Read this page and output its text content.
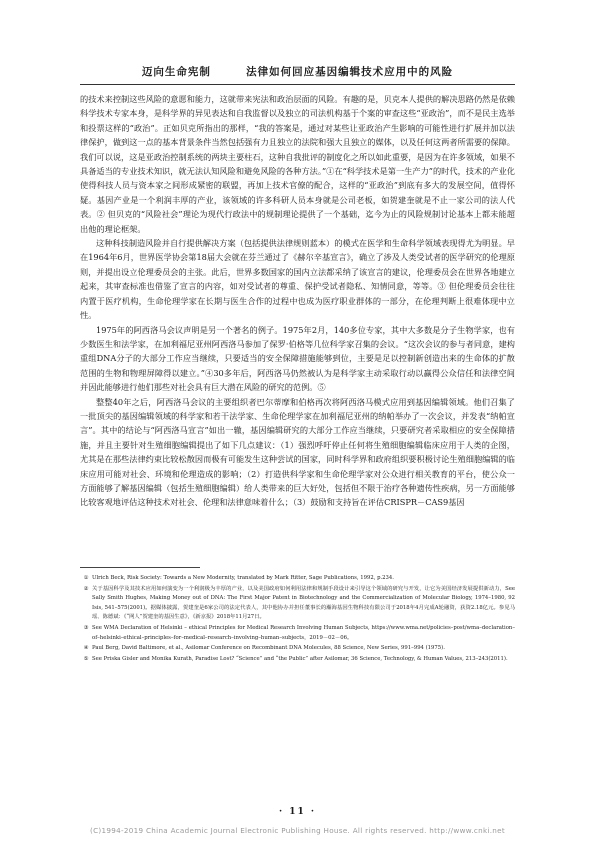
迈向生命宪制	法律如何回应基因编辑技术应用中的风险

的技术来控制这些风险的意愿和能力，这就带来宪法和政治层面的风险。有趣的是，贝克本人提供的解决思路仍然是依赖科学技术专家本身，是科学界的异见表达和自我监督以及独立的司法机构基于个案的审查这些“亚政治”，而不是民主选举和投票这样的“政治”。正如贝克所指出的那样，“我的答案是，通过对某些让亚政治产生影响的可能性进行扩展并加以法律保护，做到这一点的基本背景条件当然包括强有力且独立的法院和强大且独立的媒体，以及任何这两者所需要的保障。我们可以说，这是亚政治控制系统的两块主要柱石，这种自我批评的制度化之所以如此重要，是因为在许多领域，如果不具备适当的专业技术知识，就无法认知风险和避免风险的各种方法。”①在“科学技术是第一生产力”的时代，技术的产业化使得科技人员与资本家之间形成紧密的联盟，再加上技术官僚的配合，这样的“亚政治”到底有多大的发展空间，值得怀疑。基因产业是一个利润丰厚的产业，该领域的许多科研人员本身就是公司老板，如贺建奎就是不止一家公司的法人代表。② 但贝克的“风险社会”理论为现代行政法中的规制理论提供了一个基础，迄今为止的风险规制讨论基本上都未能超出他的理论框架。

这种科技制造风险并自行提供解决方案（包括提供法律规则蓝本）的模式在医学和生命科学领域表现得尤为明显。早在1964年6月，世界医学协会第18届大会就在芬兰通过了《赫尔辛基宣言》，确立了涉及人类受试者的医学研究的伦理原则，并提出设立伦理委员会的主张。此后，世界多数国家的国内立法都采纳了该宣言的建议，伦理委员会在世界各地建立起来，其审查标准也借鉴了宣言的内容，如对受试者的尊重、保护受试者隐私、知情同意，等等。③ 但伦理委员会往往内置于医疗机构，生命伦理学家在长期与医生合作的过程中也成为医疗职业群体的一部分，在伦理判断上很难体现中立性。

1975年的阿西洛马会议声明是另一个著名的例子。1975年2月，140多位专家，其中大多数是分子生物学家，也有少数医生和法学家，在加利福尼亚州阿西洛马参加了保罗·伯格等几位科学家召集的会议。“这次会议的参与者同意，建构重组DNA分子的大部分工作应当继续，只要适当的安全保障措施能够到位，主要是足以控制新创造出来的生命体的扩散范围的生物和物理屏障得以建立。”④30多年后，阿西洛马仍然被认为是科学家主动采取行动以赢得公众信任和法律空间并因此能够进行他们那些对社会具有巨大潜在风险的研究的范例。⑤

整整40年之后，阿西洛马会议的主要组织者巴尔蒂摩和伯格再次将阿西洛马模式应用到基因编辑领域。他们召集了一批顶尖的基因编辑领域的科学家和若干法学家、生命伦理学家在加利福尼亚州的纳帕举办了一次会议，并发表“纳帕宣言”。其中的结论与“阿西洛马宣言”如出一辙，基因编辑研究的大部分工作应当继续，只要研究者采取相应的安全保障措施，并且主要针对生殖细胞编辑提出了如下几点建议：（1）强烈呼吁停止任何将生殖细胞编辑临床应用于人类的企图，尤其是在那些法律约束比较松散因而极有可能发生这种尝试的国家，同时科学界和政府组织要积极讨论生殖细胞编辑的临床应用可能对社会、环境和伦理造成的影响；（2）打造供科学家和生命伦理学家对公众进行相关教育的平台，使公众一方面能够了解基因编辑（包括生殖细胞编辑）给人类带来的巨大好处，包括但不限于治疗各种遗传性疾病，另一方面能够比较客观地评估这种技术对社会、伦理和法律意味着什么；（3）鼓励和支持旨在评估CRISPR－CAS9基因

① Ulrich Beck, Risk Society: Towards a New Modernity, translated by Mark Ritter, Sage Publications, 1992, p.234.
② 关于基因科学及其技术应用如何演变为一个利润极为丰厚的产业，以及美国政府如何利用法律和规制手段设计来引导这个领域的研究与开发，让它为美国经济发展提供新动力，See Sally Smith Hughes, Making Money out of DNA: The First Major Patent in Biotechnology and the Commercialization of Molecular Biology, 1974–1980, 92 Isis, 541–575(2001)。据媒体披露，贺建奎是6家公司的法定代表人，其中他协办并担任董事长的瀚海基因生物科技有限公司于2018年4月完成A轮融资，获资2.18亿元。参见马瑶、陈德斌：《“网人”贺建奎的基因生意》，《新京报》2018年11月27日。
③ See WMA Declaration of Helsinki – ethical Principles for Medical Research Involving Human Subjects, https://www.wma.net/policies–post/wma–declaration–of–helsinki–ethical–principles–for–medical–research–involving–human–subjects，2019－02－06。
④ Paul Berg, David Baltimore, et al., Asilomar Conference on Recombinant DNA Molecules, 88 Science, New Series, 991–994 (1975).
⑤ See Priska Gisler and Monika Kurath, Paradise Lost? “Science” and “the Public” after Asilomar, 36 Science, Technology, & Human Values, 213–243(2011).
· 11 ·
(C)1994-2019 China Academic Journal Electronic Publishing House. All rights reserved. http://www.cnki.net
